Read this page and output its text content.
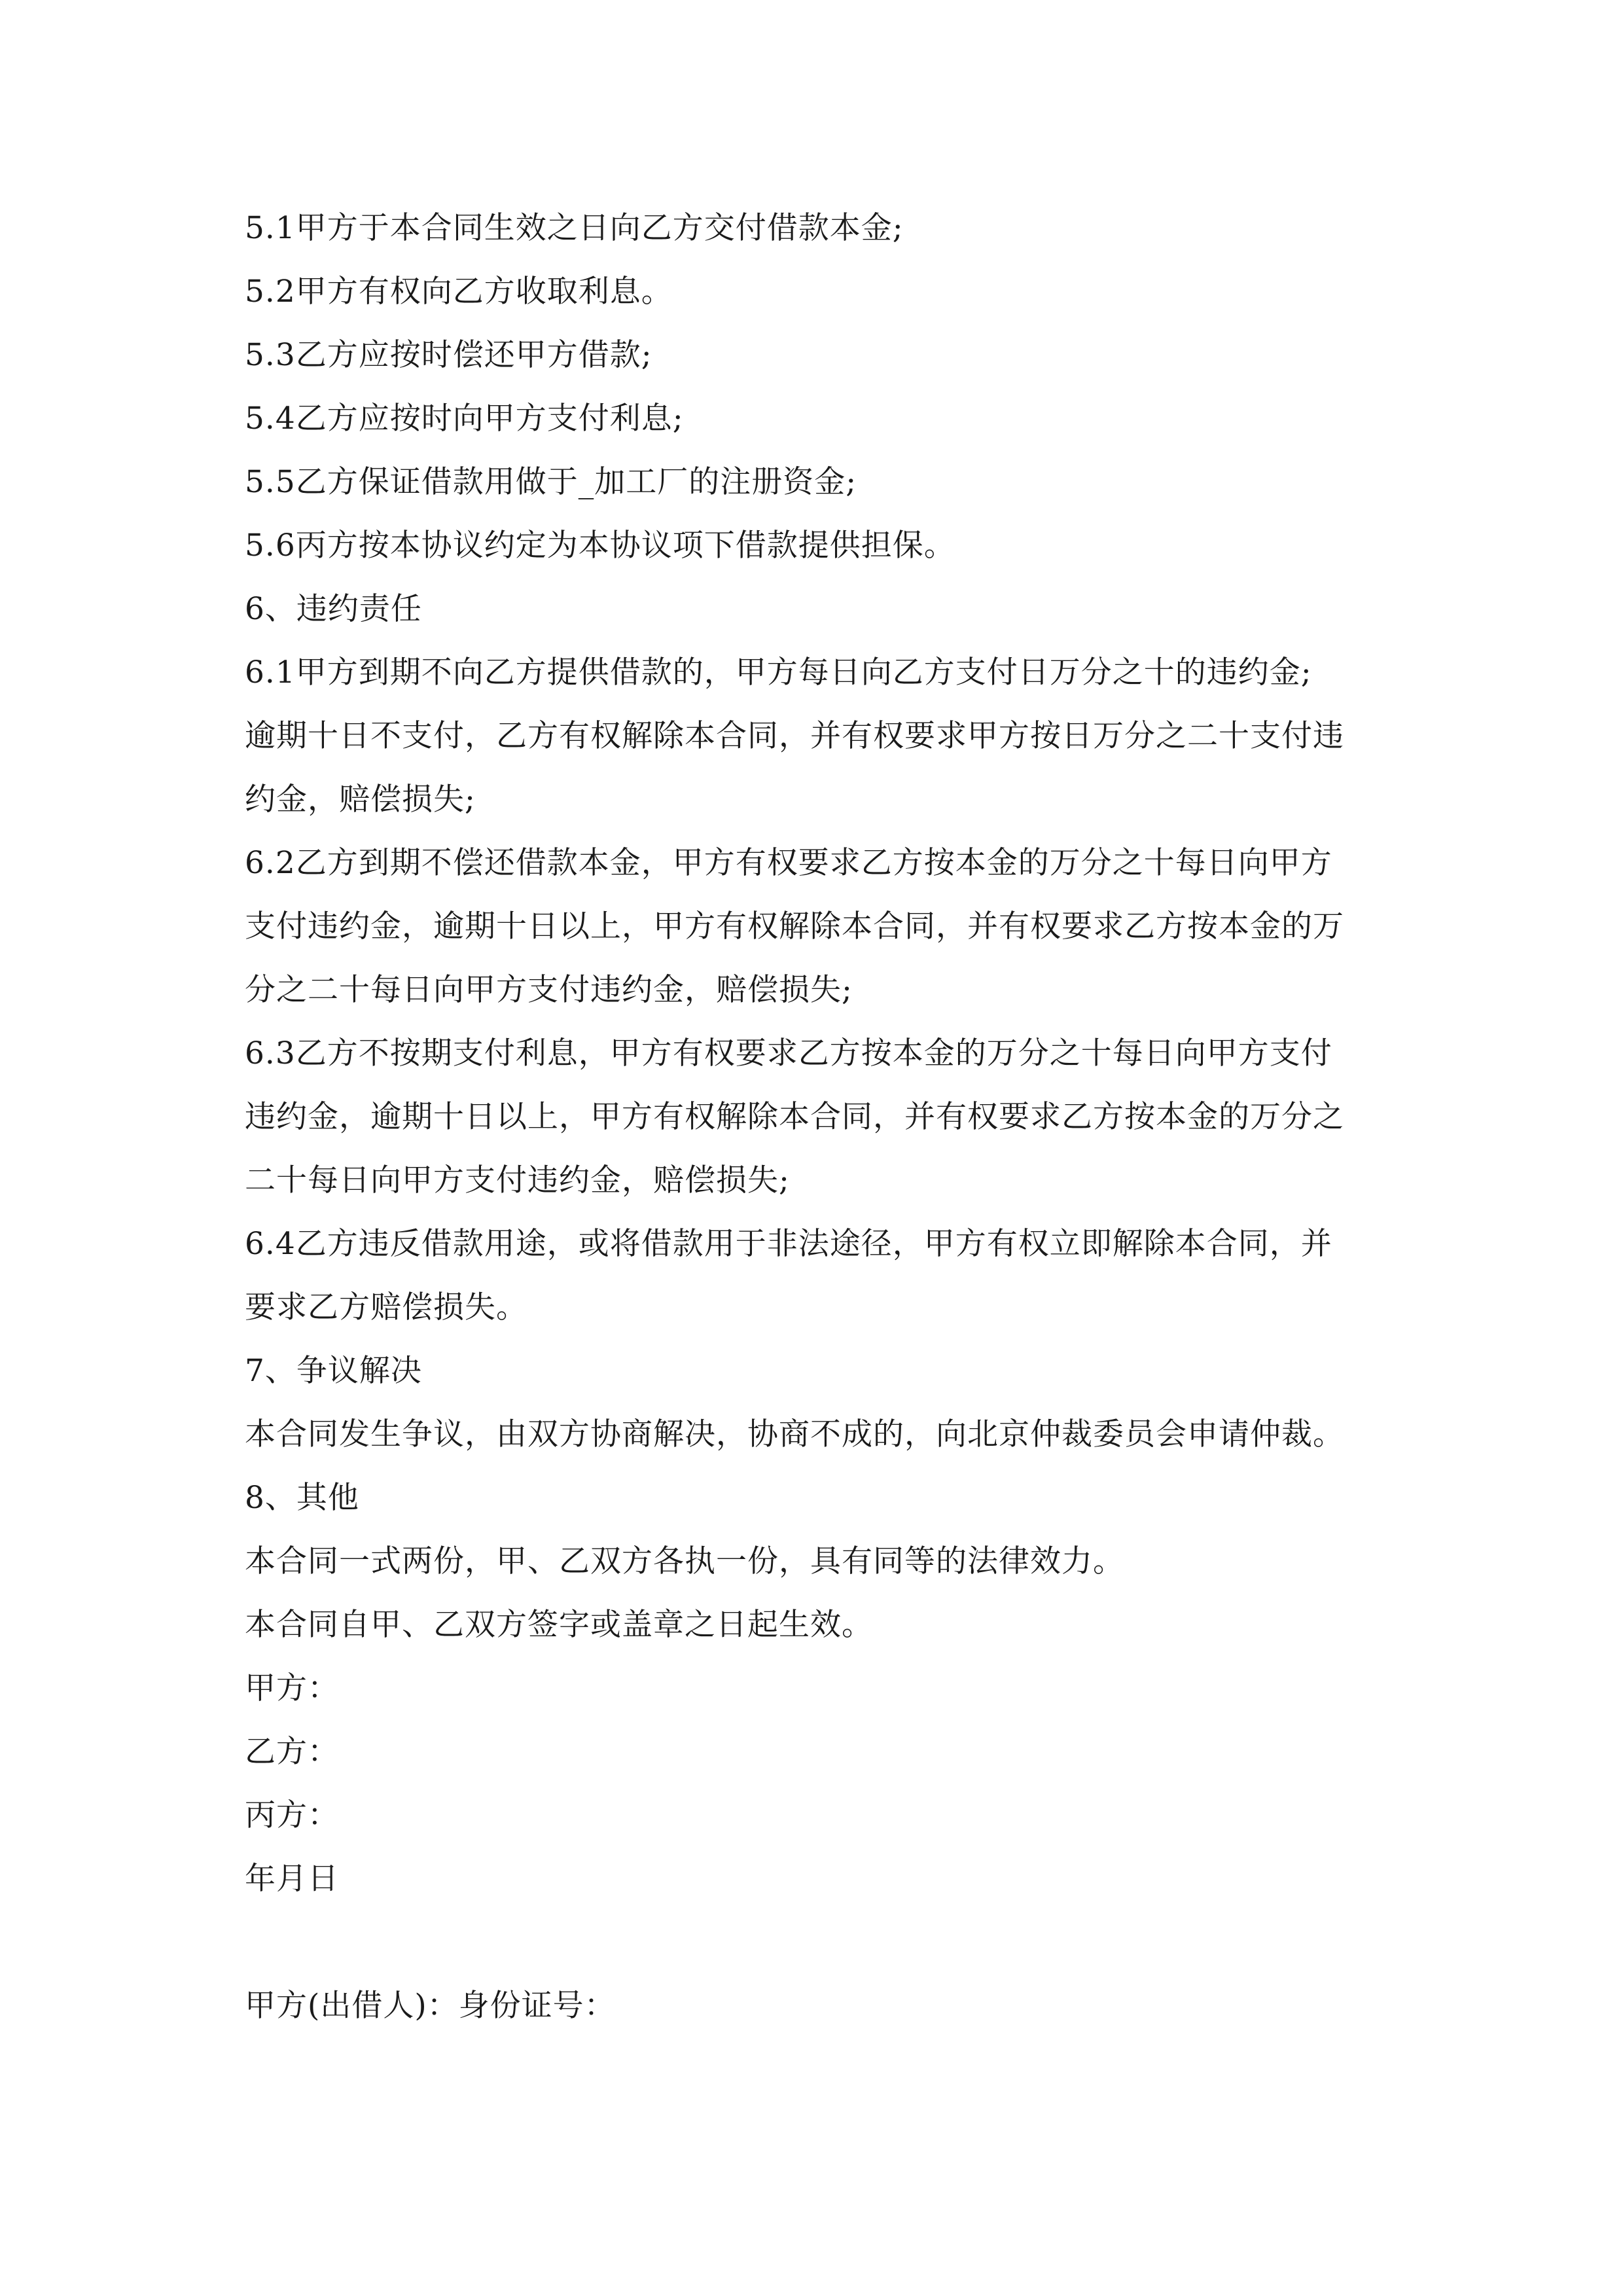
5.1甲方于本合同生效之日向乙方交付借款本金;
5.2甲方有权向乙方收取利息。
5.3乙方应按时偿还甲方借款;
5.4乙方应按时向甲方支付利息;
5.5乙方保证借款用做于_加工厂的注册资金;
5.6丙方按本协议约定为本协议项下借款提供担保。
6、违约责任
6.1甲方到期不向乙方提供借款的，甲方每日向乙方支付日万分之十的违约金;
逾期十日不支付，乙方有权解除本合同，并有权要求甲方按日万分之二十支付违
约金，赔偿损失;
6.2乙方到期不偿还借款本金，甲方有权要求乙方按本金的万分之十每日向甲方
支付违约金，逾期十日以上，甲方有权解除本合同，并有权要求乙方按本金的万
分之二十每日向甲方支付违约金，赔偿损失;
6.3乙方不按期支付利息，甲方有权要求乙方按本金的万分之十每日向甲方支付
违约金，逾期十日以上，甲方有权解除本合同，并有权要求乙方按本金的万分之
二十每日向甲方支付违约金，赔偿损失;
6.4乙方违反借款用途，或将借款用于非法途径，甲方有权立即解除本合同，并
要求乙方赔偿损失。
7、争议解决
本合同发生争议，由双方协商解决，协商不成的，向北京仲裁委员会申请仲裁。
8、其他
本合同一式两份，甲、乙双方各执一份，具有同等的法律效力。
本合同自甲、乙双方签字或盖章之日起生效。
甲方：
乙方：
丙方：
年月日
甲方(出借人)：身份证号：
